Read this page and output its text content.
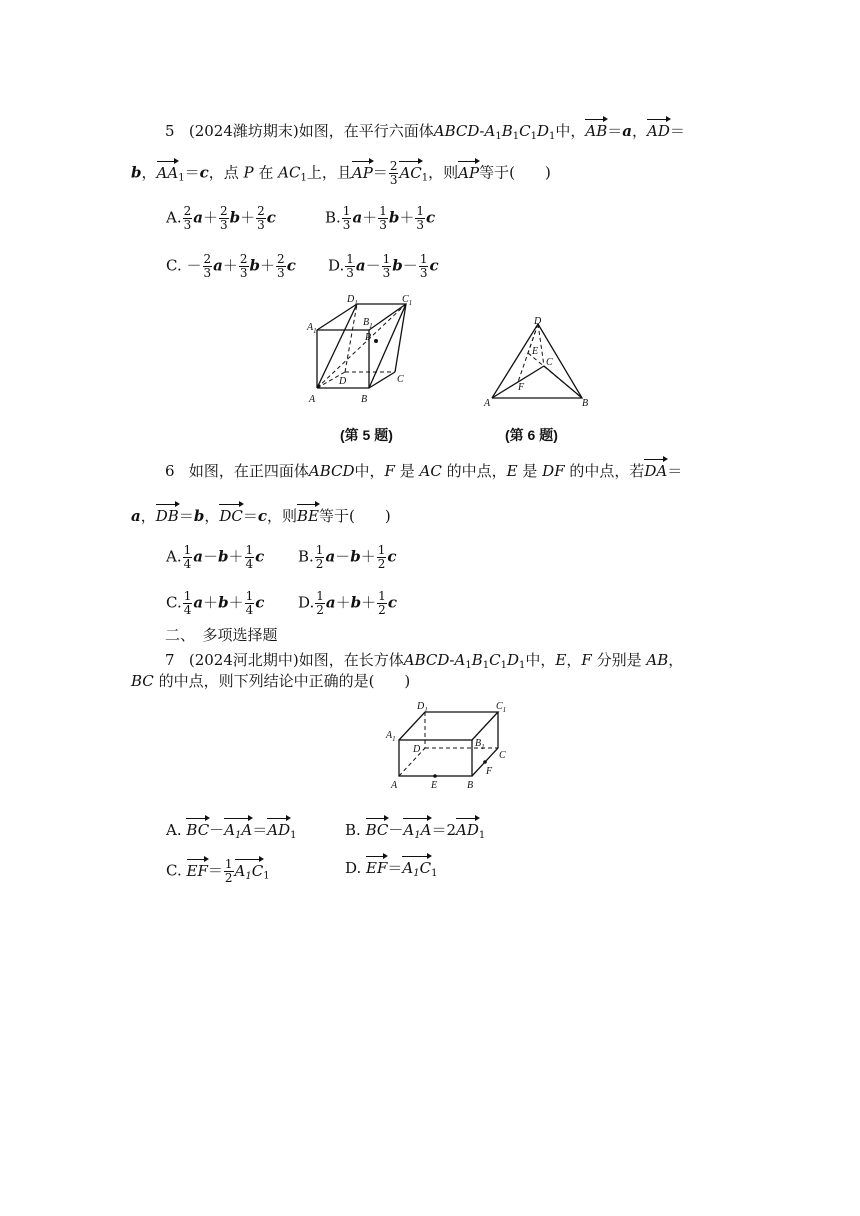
5 (2024潍坊期末)如图，在平行六面体ABCD-$A_1B_1C_1D_1$中，AB＝a，AD＝
b，$AA_1=c$，点 P 在 $AC_1$上，且$AP= \frac{2}{3} AC_1$，则AP等于(　　)
A. $\frac{2}{3} a+ \frac{2}{3} b+ \frac{2}{3}$ c	B. $\frac{1}{3} a+ \frac{1}{3} b+ \frac{1}{3}$ c
C. － $\frac{2}{3} a+ \frac{2}{3} b+ \frac{2}{3}$ c D. $\frac{1}{3} a- \frac{1}{3} b- \frac{1}{3}$ c
A	B
C
D
$A_1$
$B_1$
$C_1$
$D_1$
P
A	B
C
D
E
F
(第 5 题)	(第 6 题)
6 如图，在正四面体ABCD中，F 是 AC 的中点，E 是 DF 的中点，若DA＝
a，DB＝b，DC＝c，则BE等于(　　)
A. $\frac{1}{4} a-b+ \frac{1}{4}$ c B. $\frac{1}{2} a-b+ \frac{1}{2}$ c
C. $\frac{1}{4} a+b+ \frac{1}{4}$ c D. $\frac{1}{2} a+b+ \frac{1}{2}$ c
二、　多项选择题
7 (2024河北期中)如图，在长方体ABCD-$A_1B_1C_1D_1$中，E，F 分别是 AB，
BC 的中点，则下列结论中正确的是(　　)
A	B
C
D
E
F
$A_1$	$B_1$
$C_1$
$D_1$
A. $BC-A_1A=AD_1$	B. $BC-A_1A=2AD_1$
C. $EF= \frac{1}{2} A_1C_1$	D. $EF=A_1C_1$
